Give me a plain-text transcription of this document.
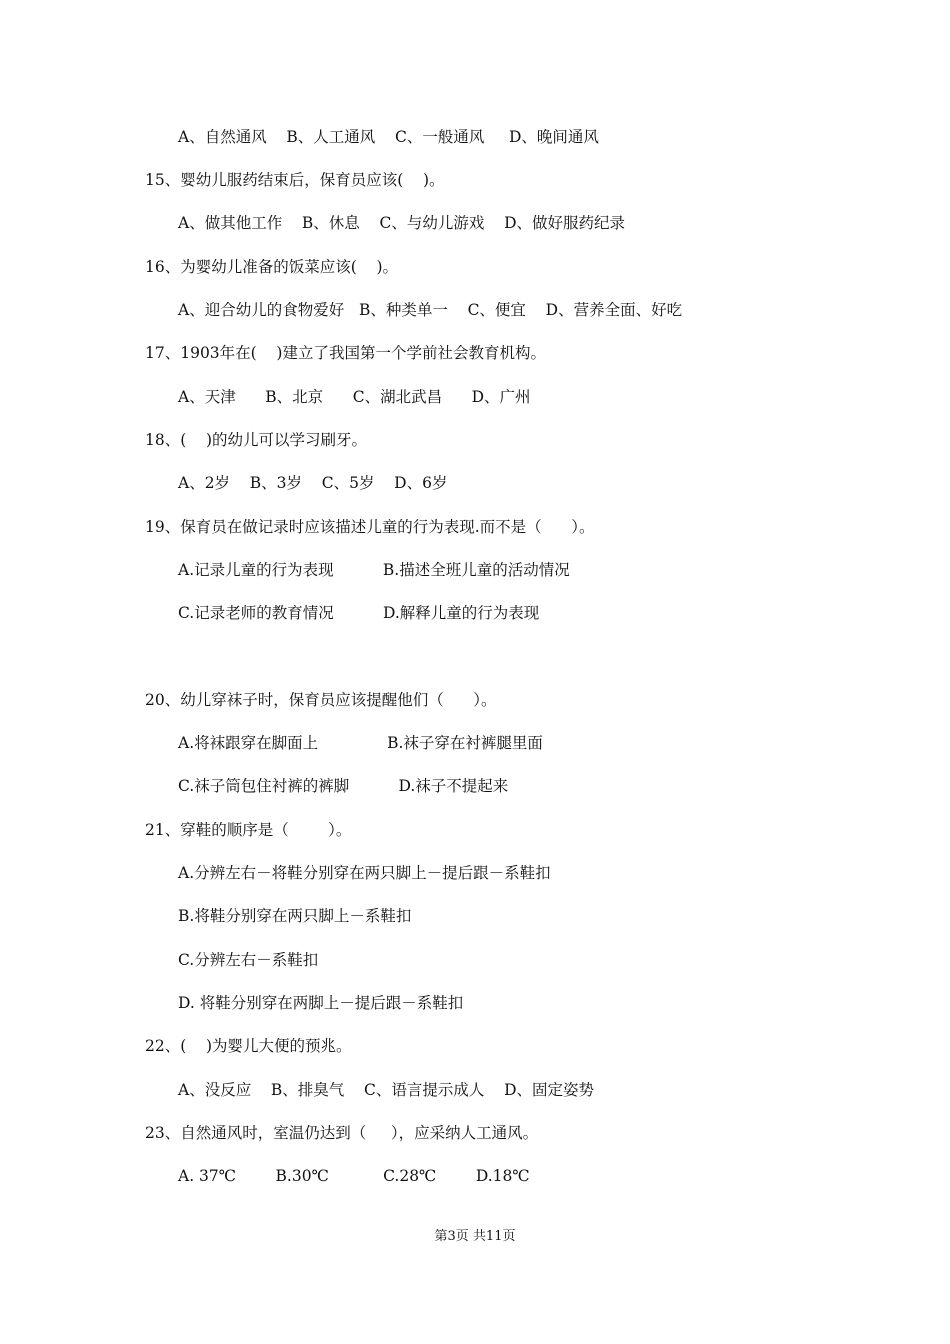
A、自然通风    B、人工通风    C、一般通风     D、晚间通风
15、婴幼儿服药结束后，保育员应该(    )。
A、做其他工作    B、休息    C、与幼儿游戏    D、做好服药纪录
16、为婴幼儿准备的饭菜应该(    )。
A、迎合幼儿的食物爱好   B、种类单一    C、便宜    D、营养全面、好吃
17、1903年在(    )建立了我国第一个学前社会教育机构。
A、天津      B、北京      C、湖北武昌      D、广州
18、(    )的幼儿可以学习刷牙。
A、2岁    B、3岁    C、5岁    D、6岁
19、保育员在做记录时应该描述儿童的行为表现.而不是（      ）。
A.记录儿童的行为表现          B.描述全班儿童的活动情况
C.记录老师的教育情况          D.解释儿童的行为表现
20、幼儿穿袜子时，保育员应该提醒他们（      ）。
A.将袜跟穿在脚面上              B.袜子穿在衬裤腿里面
C.袜子筒包住衬裤的裤脚          D.袜子不提起来
21、穿鞋的顺序是（        ）。
A.分辨左右－将鞋分别穿在两只脚上－提后跟－系鞋扣
B.将鞋分别穿在两只脚上－系鞋扣
C.分辨左右－系鞋扣
D. 将鞋分别穿在两脚上－提后跟－系鞋扣
22、(    )为婴儿大便的预兆。
A、没反应    B、排臭气    C、语言提示成人    D、固定姿势
23、自然通风时，室温仍达到（     ），应采纳人工通风。
A. 37℃        B.30℃           C.28℃        D.18℃
第3页 共11页
